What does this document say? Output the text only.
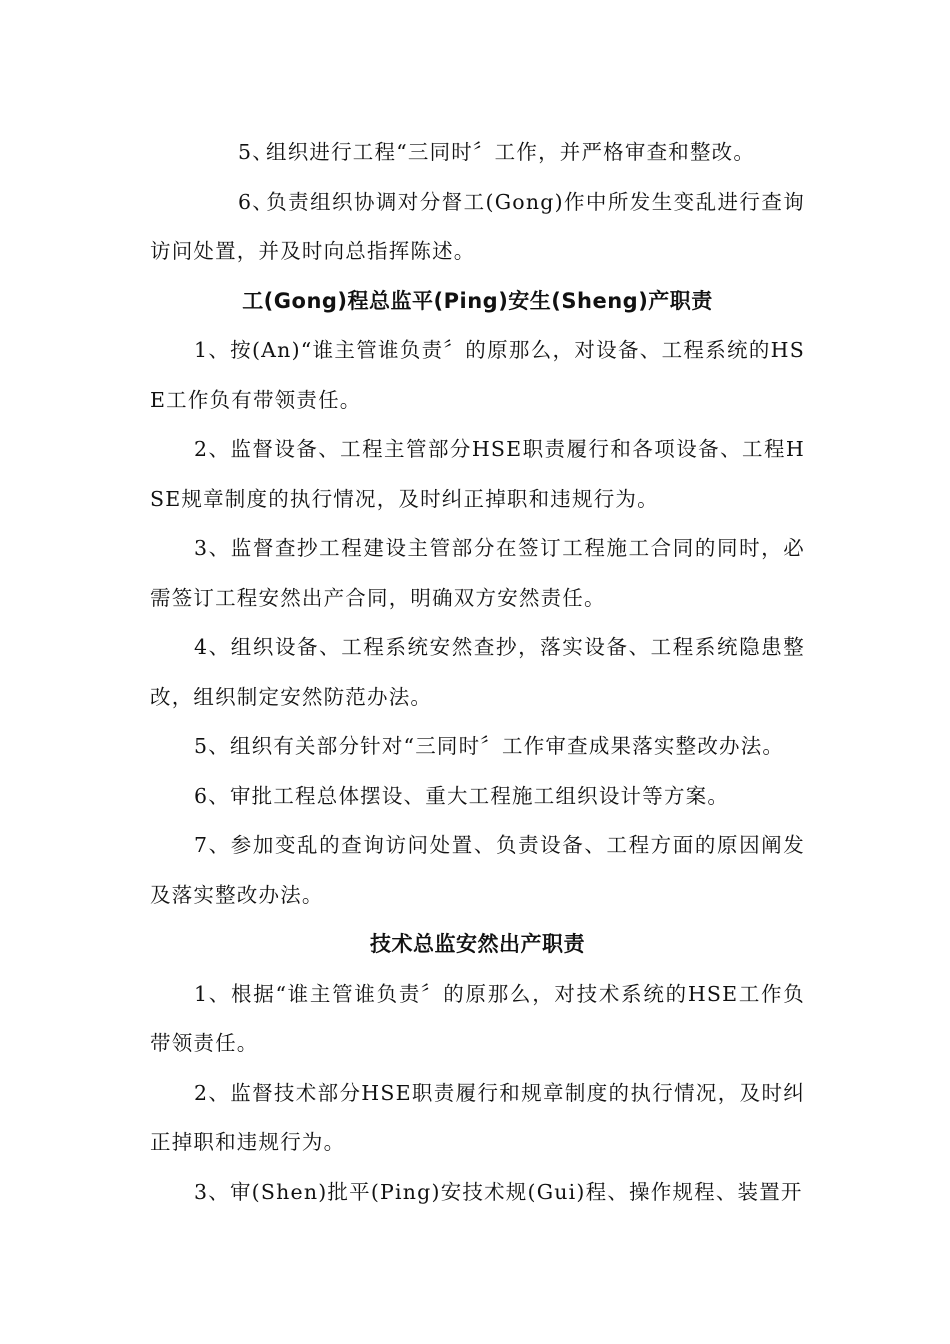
5、组织进行工程“三同时〞工作，并严格审查和整改。

6、负责组织协调对分督工(Gong)作中所发生变乱进行查询访问处置，并及时向总指挥陈述。

工(Gong)程总监平(Ping)安生(Sheng)产职责

1、按(An)“谁主管谁负责〞的原那么，对设备、工程系统的HSE工作负有带领责任。

2、监督设备、工程主管部分HSE职责履行和各项设备、工程HSE规章制度的执行情况，及时纠正掉职和违规行为。

3、监督查抄工程建设主管部分在签订工程施工合同的同时，必需签订工程安然出产合同，明确双方安然责任。

4、组织设备、工程系统安然查抄，落实设备、工程系统隐患整改，组织制定安然防范办法。

5、组织有关部分针对“三同时〞工作审查成果落实整改办法。

6、审批工程总体摆设、重大工程施工组织设计等方案。

7、参加变乱的查询访问处置、负责设备、工程方面的原因阐发及落实整改办法。

技术总监安然出产职责

1、根据“谁主管谁负责〞的原那么，对技术系统的HSE工作负带领责任。

2、监督技术部分HSE职责履行和规章制度的执行情况，及时纠正掉职和违规行为。

3、审(Shen)批平(Ping)安技术规(Gui)程、操作规程、装置开
